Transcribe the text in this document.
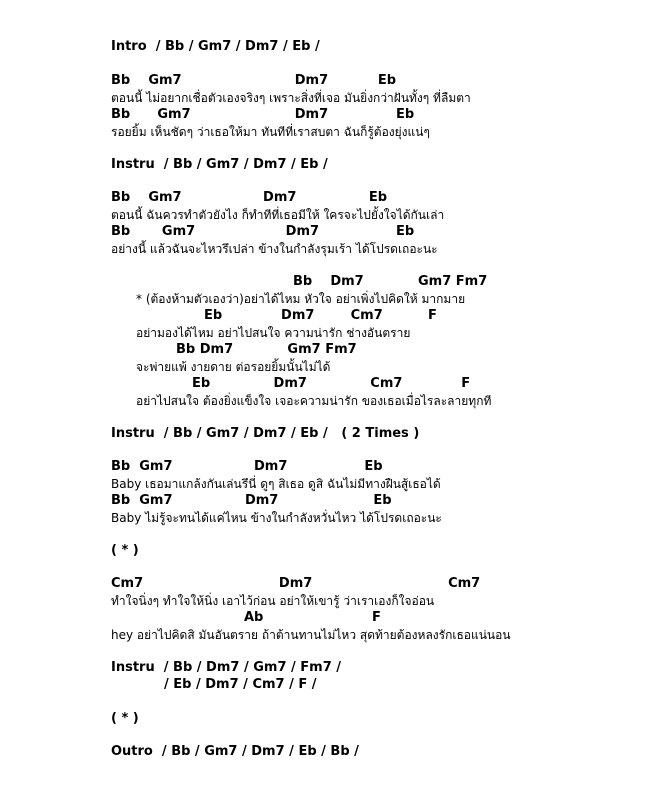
Intro  / Bb / Gm7 / Dm7 / Eb /
Bb    Gm7                         Dm7           Eb
ตอนนี้ ไม่อยากเชื่อตัวเองจริงๆ เพราะสิ่งที่เจอ มันยิ่งกว่าฝันทั้งๆ ที่ลืมตา
Bb      Gm7                       Dm7               Eb
รอยยิ้ม เห็นชัดๆ ว่าเธอให้มา ทันทีที่เราสบตา ฉันก็รู้ต้องยุ่งแน่ๆ
Instru  / Bb / Gm7 / Dm7 / Eb /
Bb    Gm7                  Dm7                Eb
ตอนนี้ ฉันควรทำตัวยังไง ก็ทำทีที่เธอมีให้ ใครจะไปยั้งใจได้กันเล่า
Bb       Gm7                    Dm7                 Eb
อย่างนี้ แล้วฉันจะไหวรึเปล่า ข้างในกำลังรุมเร้า ได้โปรดเถอะนะ
Bb    Dm7            Gm7 Fm7
* (ต้องห้ามตัวเองว่า)อย่าได้ไหม หัวใจ อย่าเพิ่งไปคิดให้ มากมาย
Eb             Dm7        Cm7          F
อย่ามองได้ไหม อย่าไปสนใจ ความน่ารัก ช่างอันตราย
Bb Dm7            Gm7 Fm7
จะพ่ายแพ้ งายดาย ต่อรอยยิ้มนั้นไม่ได้
Eb              Dm7              Cm7             F
อย่าไปสนใจ ต้องยิ่งแข็งใจ เจอะความน่ารัก ของเธอเมื่อไรละลายทุกที
Instru  / Bb / Gm7 / Dm7 / Eb /   ( 2 Times )
Bb  Gm7                  Dm7                 Eb
Baby เธอมาแกล้งกันเล่นรึนี่ ดูๆ สิเธอ ดูสิ ฉันไม่มีทางฝืนสู้เธอได้
Bb  Gm7                Dm7                     Eb
Baby ไม่รู้จะทนได้แค่ไหน ข้างในกำลังหวั่นไหว ได้โปรดเถอะนะ
( * )
Cm7                              Dm7                              Cm7
ทำใจนิ่งๆ ทำใจให้นิ่ง เอาไว้ก่อน อย่าให้เขารู้ ว่าเราเองก็ใจอ่อน
Ab                        F
hey อย่าไปคิดสิ มันอันตราย ถ้าต้านทานไม่ไหว สุดท้ายต้องหลงรักเธอแน่นอน
Instru  / Bb / Dm7 / Gm7 / Fm7 /
/ Eb / Dm7 / Cm7 / F /
( * )
Outro  / Bb / Gm7 / Dm7 / Eb / Bb /
